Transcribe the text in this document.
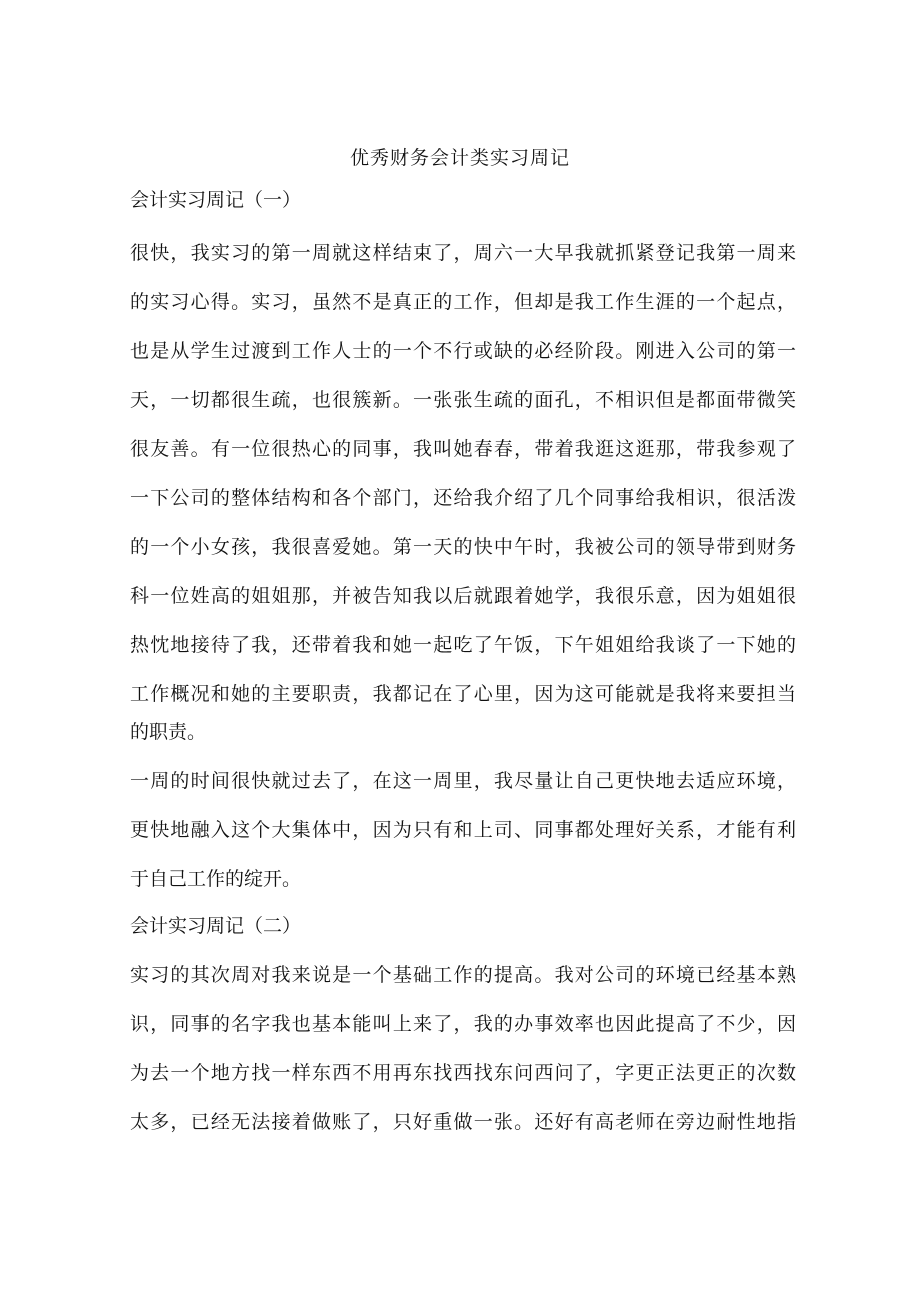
优秀财务会计类实习周记
会计实习周记（一）
很快，我实习的第一周就这样结束了，周六一大早我就抓紧登记我第一周来
的实习心得。实习，虽然不是真正的工作，但却是我工作生涯的一个起点，
也是从学生过渡到工作人士的一个不行或缺的必经阶段。刚进入公司的第一
天，一切都很生疏，也很簇新。一张张生疏的面孔，不相识但是都面带微笑
很友善。有一位很热心的同事，我叫她春春，带着我逛这逛那，带我参观了
一下公司的整体结构和各个部门，还给我介绍了几个同事给我相识，很活泼
的一个小女孩，我很喜爱她。第一天的快中午时，我被公司的领导带到财务
科一位姓高的姐姐那，并被告知我以后就跟着她学，我很乐意，因为姐姐很
热忱地接待了我，还带着我和她一起吃了午饭，下午姐姐给我谈了一下她的
工作概况和她的主要职责，我都记在了心里，因为这可能就是我将来要担当
的职责。
一周的时间很快就过去了，在这一周里，我尽量让自己更快地去适应环境，
更快地融入这个大集体中，因为只有和上司、同事都处理好关系，才能有利
于自己工作的绽开。
会计实习周记（二）
实习的其次周对我来说是一个基础工作的提高。我对公司的环境已经基本熟
识，同事的名字我也基本能叫上来了，我的办事效率也因此提高了不少，因
为去一个地方找一样东西不用再东找西找东问西问了，字更正法更正的次数
太多，已经无法接着做账了，只好重做一张。还好有高老师在旁边耐性地指
